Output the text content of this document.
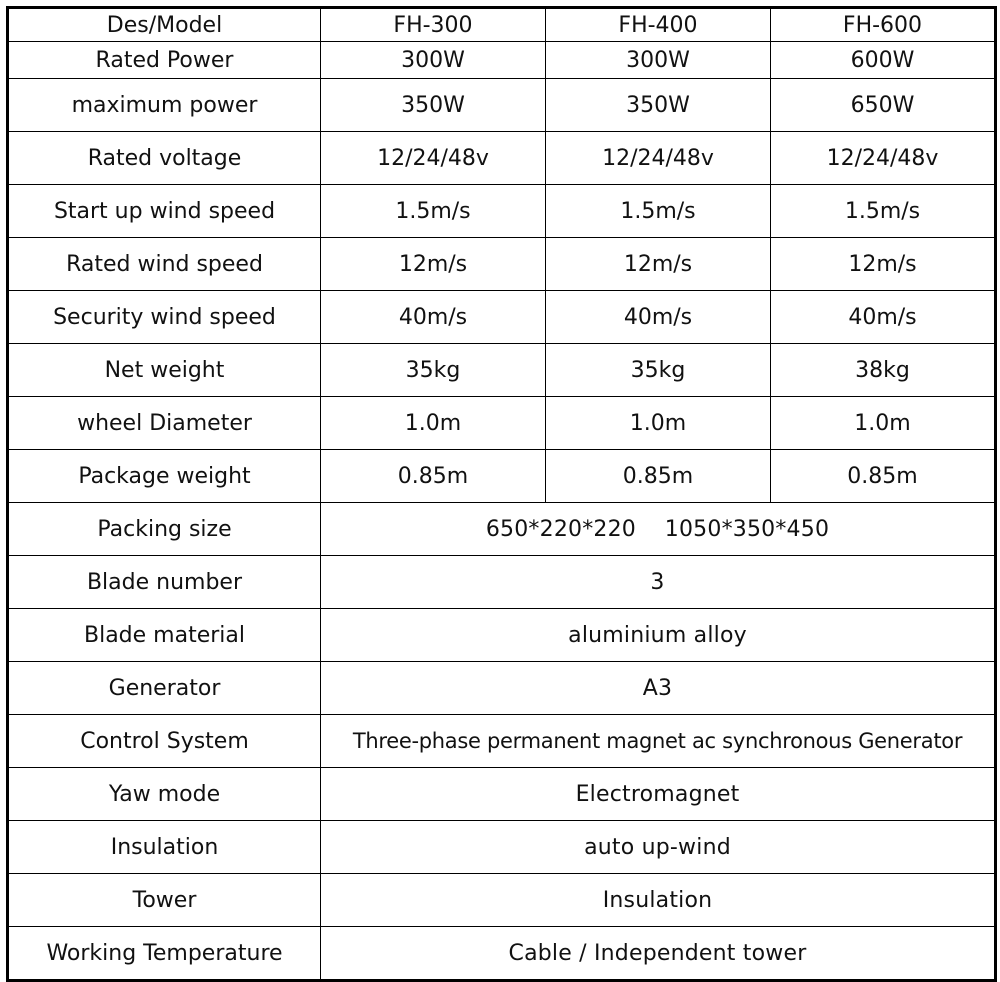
Des/Model	FH-300	FH-400	FH-600
Rated Power	300W	300W	600W
maximum power	350W	350W	650W
Rated voltage	12/24/48v	12/24/48v	12/24/48v
Start up wind speed	1.5m/s	1.5m/s	1.5m/s
Rated wind speed	12m/s	12m/s	12m/s
Security wind speed	40m/s	40m/s	40m/s
Net weight	35kg	35kg	38kg
wheel Diameter	1.0m	1.0m	1.0m
Package weight	0.85m	0.85m	0.85m
Packing size	650*220*220    1050*350*450		
Blade number	3		
Blade material	aluminium alloy		
Generator	A3		
Control System	Three-phase permanent magnet ac synchronous Generator		
Yaw mode	Electromagnet		
Insulation	auto up-wind		
Tower	Insulation		
Working Temperature	Cable / Independent tower		
